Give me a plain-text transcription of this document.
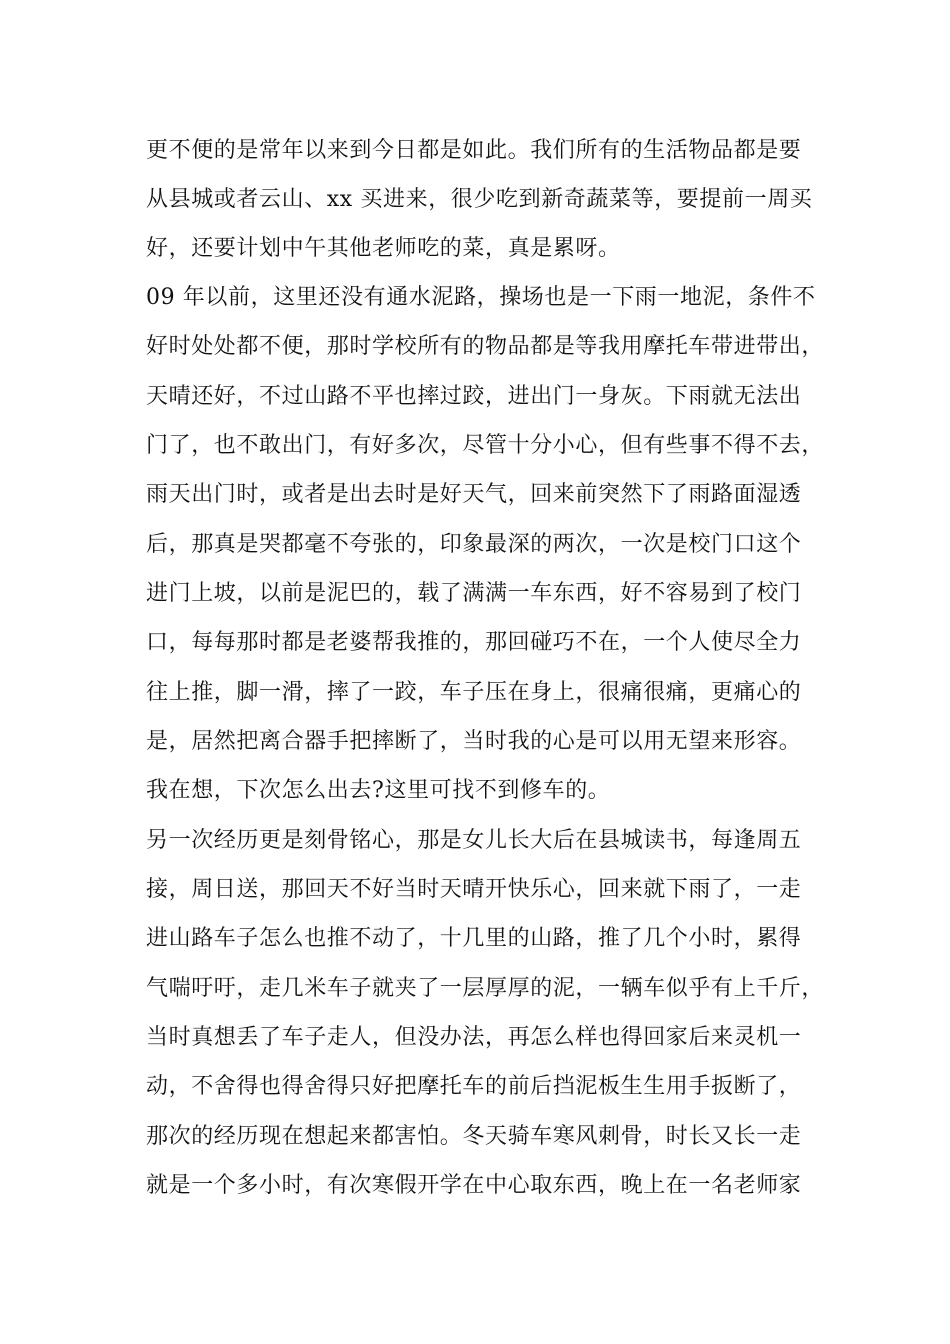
更不便的是常年以来到今日都是如此。我们所有的生活物品都是要
从县城或者云山、xx 买进来，很少吃到新奇蔬菜等，要提前一周买
好，还要计划中午其他老师吃的菜，真是累呀。
09 年以前，这里还没有通水泥路，操场也是一下雨一地泥，条件不
好时处处都不便，那时学校所有的物品都是等我用摩托车带进带出，
天晴还好，不过山路不平也摔过跤，进出门一身灰。下雨就无法出
门了，也不敢出门，有好多次，尽管十分小心，但有些事不得不去，
雨天出门时，或者是出去时是好天气，回来前突然下了雨路面湿透
后，那真是哭都毫不夸张的，印象最深的两次，一次是校门口这个
进门上坡，以前是泥巴的，载了满满一车东西，好不容易到了校门
口，每每那时都是老婆帮我推的，那回碰巧不在，一个人使尽全力
往上推，脚一滑，摔了一跤，车子压在身上，很痛很痛，更痛心的
是，居然把离合器手把摔断了，当时我的心是可以用无望来形容。
我在想，下次怎么出去?这里可找不到修车的。
另一次经历更是刻骨铭心，那是女儿长大后在县城读书，每逢周五
接，周日送，那回天不好当时天晴开快乐心，回来就下雨了，一走
进山路车子怎么也推不动了，十几里的山路，推了几个小时，累得
气喘吁吁，走几米车子就夹了一层厚厚的泥，一辆车似乎有上千斤，
当时真想丢了车子走人，但没办法，再怎么样也得回家后来灵机一
动，不舍得也得舍得只好把摩托车的前后挡泥板生生用手扳断了，
那次的经历现在想起来都害怕。冬天骑车寒风刺骨，时长又长一走
就是一个多小时，有次寒假开学在中心取东西，晚上在一名老师家
